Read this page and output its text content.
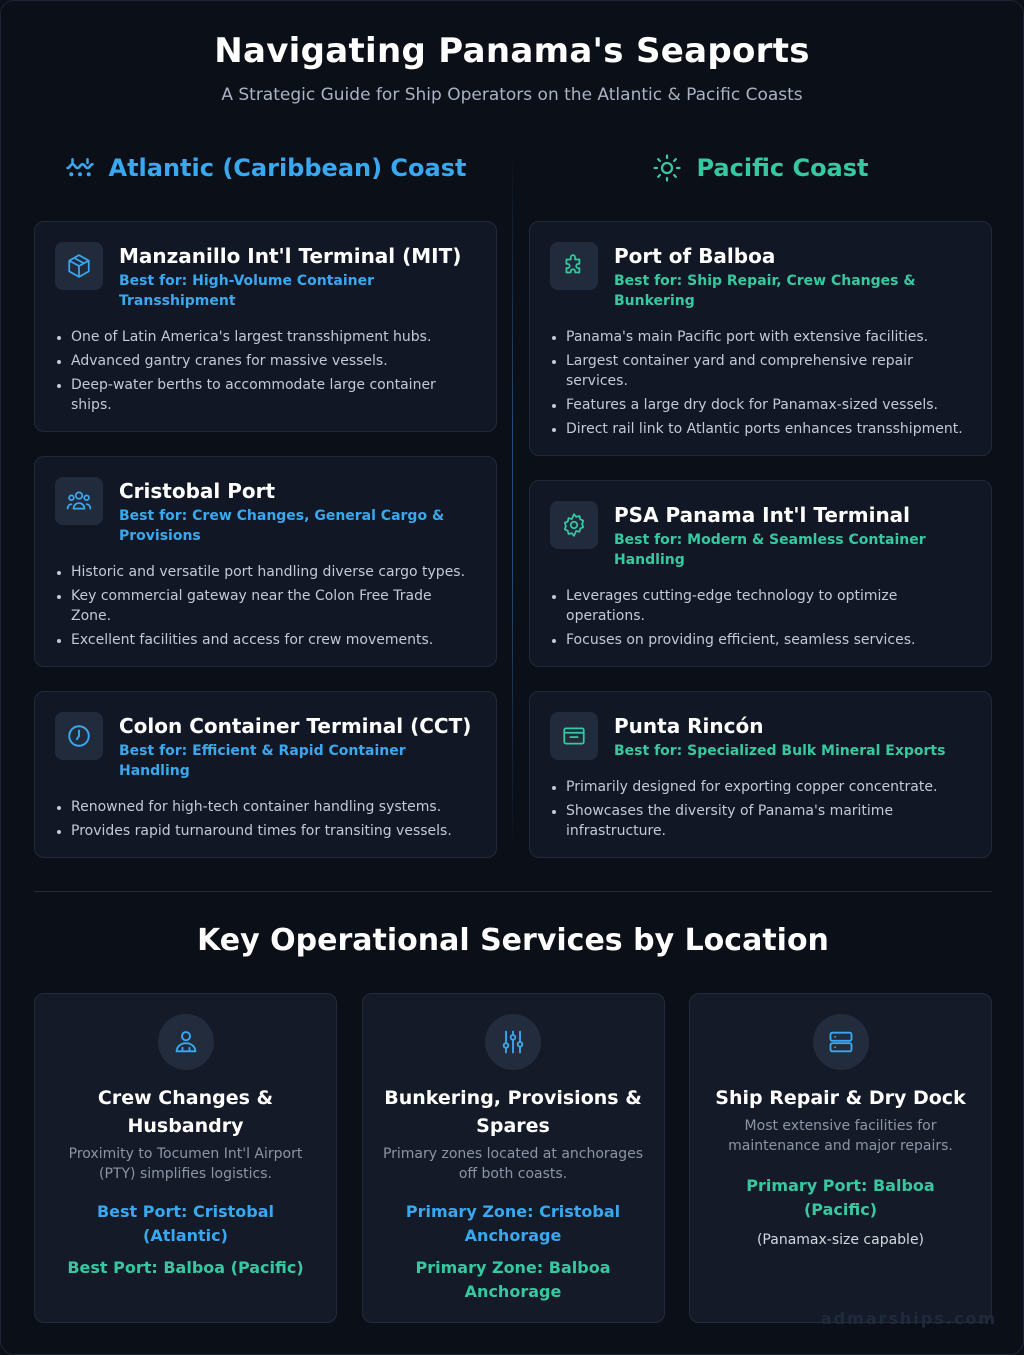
Navigating Panama's Seaports
A Strategic Guide for Ship Operators on the Atlantic & Pacific Coasts
Atlantic (Caribbean) Coast
Manzanillo Int'l Terminal (MIT)
Best for: High-Volume Container Transshipment
One of Latin America's largest transshipment hubs.
Advanced gantry cranes for massive vessels.
Deep-water berths to accommodate large container ships.
Cristobal Port
Best for: Crew Changes, General Cargo & Provisions
Historic and versatile port handling diverse cargo types.
Key commercial gateway near the Colon Free Trade Zone.
Excellent facilities and access for crew movements.
Colon Container Terminal (CCT)
Best for: Efficient & Rapid Container Handling
Renowned for high-tech container handling systems.
Provides rapid turnaround times for transiting vessels.
Pacific Coast
Port of Balboa
Best for: Ship Repair, Crew Changes & Bunkering
Panama's main Pacific port with extensive facilities.
Largest container yard and comprehensive repair services.
Features a large dry dock for Panamax-sized vessels.
Direct rail link to Atlantic ports enhances transshipment.
PSA Panama Int'l Terminal
Best for: Modern & Seamless Container Handling
Leverages cutting-edge technology to optimize operations.
Focuses on providing efficient, seamless services.
Punta Rincón
Best for: Specialized Bulk Mineral Exports
Primarily designed for exporting copper concentrate.
Showcases the diversity of Panama's maritime infrastructure.
Key Operational Services by Location
Crew Changes & Husbandry
Proximity to Tocumen Int'l Airport (PTY) simplifies logistics.
Best Port: Cristobal (Atlantic)
Best Port: Balboa (Pacific)
Bunkering, Provisions & Spares
Primary zones located at anchorages off both coasts.
Primary Zone: Cristobal Anchorage
Primary Zone: Balboa Anchorage
Ship Repair & Dry Dock
Most extensive facilities for maintenance and major repairs.
Primary Port: Balboa (Pacific)
(Panamax-size capable)
admarships.com
